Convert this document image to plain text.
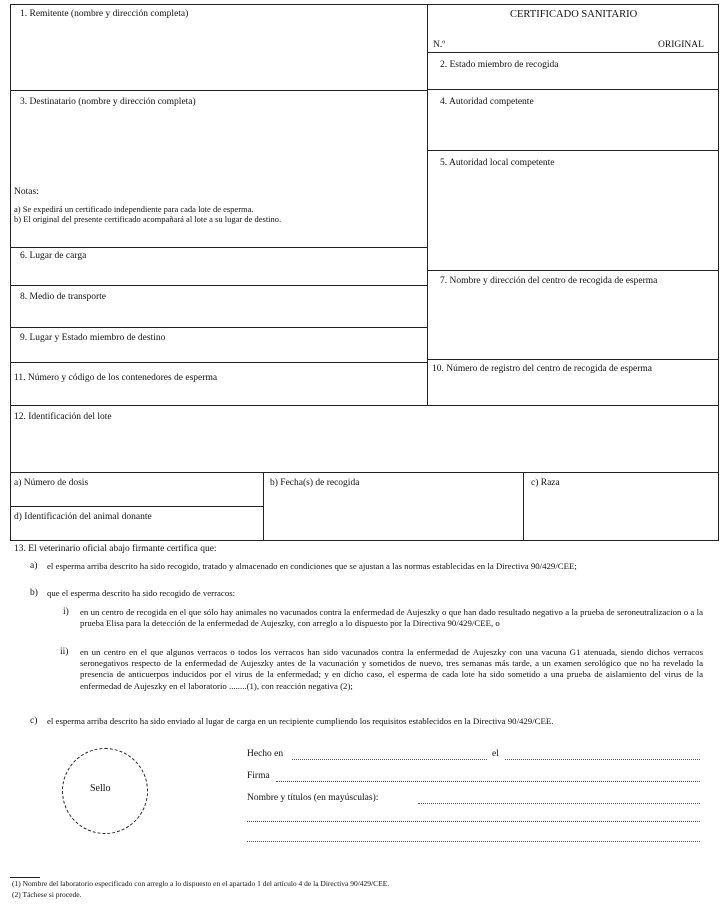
CERTIFICADO SANITARIO
N.º	ORIGINAL
1. Remitente (nombre y dirección completa)
2. Estado miembro de recogida
3. Destinatario (nombre y dirección completa)	4. Autoridad competente
5. Autoridad local competente
6. Lugar de carga
7. Nombre y dirección del centro de recogida de esperma
8. Medio de transporte
9. Lugar y Estado miembro de destino
10. Número de registro del centro de recogida de esperma
11. Número y código de los contenedores de esperma
12. Identificación del lote
a) Número de dosis	b) Fecha(s) de recogida	c) Raza
d) Identificación del animal donante
Notas:
a) Se expedirá un certificado independiente para cada lote de esperma.
b) El original del presente certificado acompañará al lote a su lugar de destino.
13. El veterinario oficial abajo firmante certifica que:
a) el esperma arriba descrito ha sido recogido, tratado y almacenado en condiciones que se ajustan a las normas establecidas en la Directiva 90/429/CEE;
b) que el esperma descrito ha sido recogido de verracos:
i) en un centro de recogida en el que sólo hay animales no vacunados contra la enfermedad de Aujeszky o que han dado resultado negativo a la prueba de seroneutralizacion o a la prueba Elisa para la detección de la enfermedad de Aujeszky, con arreglo a lo dispuesto por la Directiva 90/429/CEE, o
ii) en un centro en el que algunos verracos o todos los verracos han sido vacunados contra la enfermedad de Aujeszky con una vacuna G1 atenuada, siendo dichos verracos seronegativos respecto de la enfermedad de Aujeszky antes de la vacunación y sometidos de nuevo, tres semanas más tarde, a un examen serológico que no ha revelado la presencia de anticuerpos inducidos por el virus de la enfermedad; y en dicho caso, el esperma de cada lote ha sido sometido a una prueba de aislamiento del virus de la enfermedad de Aujeszky en el laboratorio ........(1), con reacción negativa (2);
c) el esperma arriba descrito ha sido enviado al lugar de carga en un recipiente cumpliendo los requisitos establecidos en la Directiva 90/429/CEE.
Sello
Hecho en	el
Firma
Nombre y títulos (en mayúsculas):
(1) Nombre del laboratorio especificado con arreglo a lo dispuesto en el apartado 1 del artículo 4 de la Directiva 90/429/CEE.
(2) Táchese si procede.
